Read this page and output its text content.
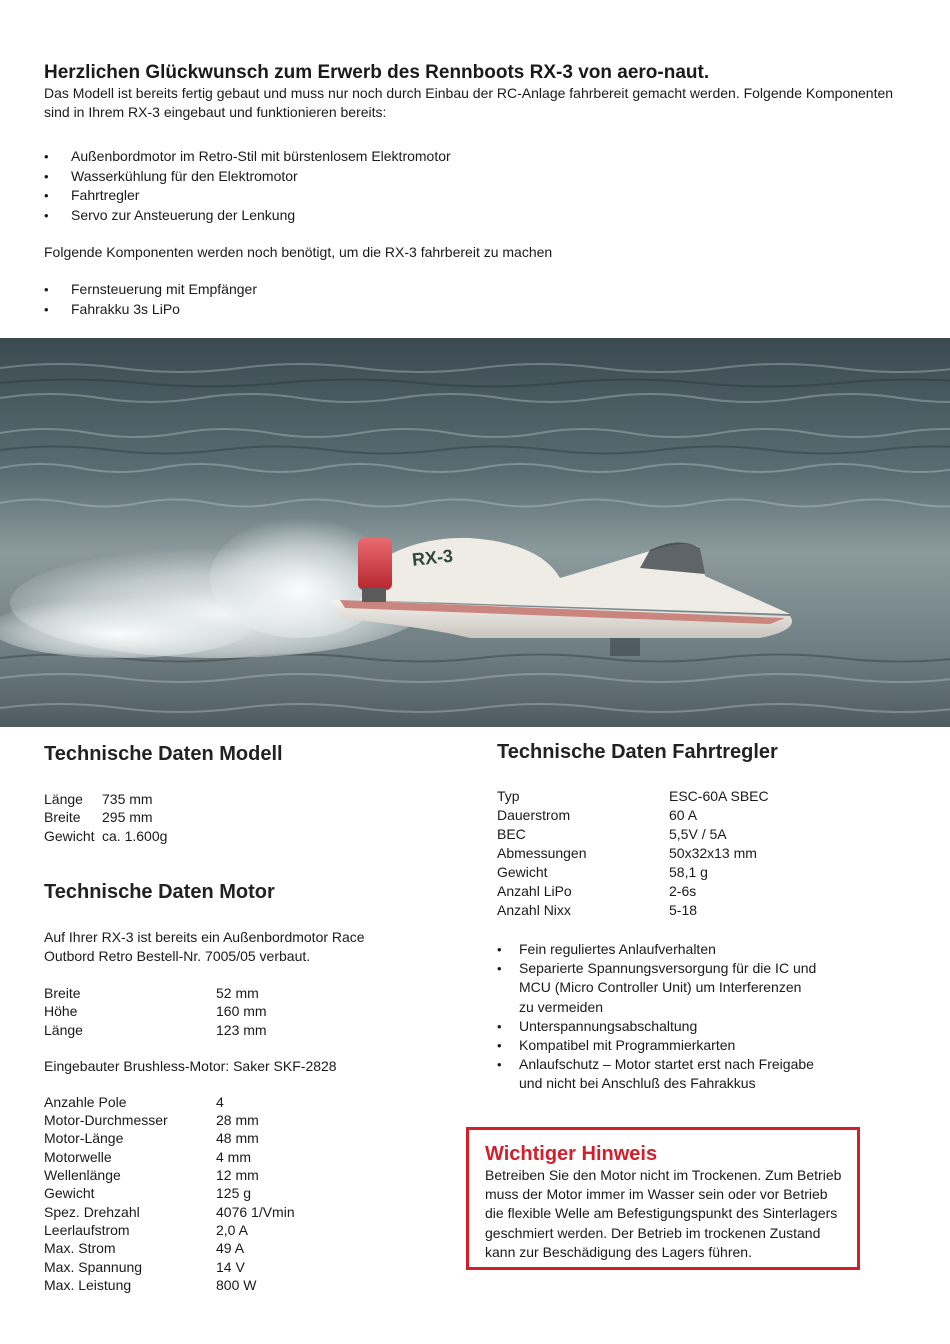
Herzlichen Glückwunsch zum Erwerb des Rennboots RX-3 von aero-naut.

Das Modell ist bereits fertig gebaut und muss nur noch durch Einbau der RC-Anlage fahrbereit gemacht werden. Folgende Komponenten sind in Ihrem RX-3 eingebaut und funktionieren bereits:

• Außenbordmotor im Retro-Stil mit bürstenlosem Elektromotor
• Wasserkühlung für den Elektromotor
• Fahrtregler
• Servo zur Ansteuerung der Lenkung

Folgende Komponenten werden noch benötigt, um die RX-3 fahrbereit zu machen

• Fernsteuerung mit Empfänger
• Fahrakku 3s LiPo
RX-3
Technische Daten Modell
Länge	735 mm
Breite	295 mm
Gewicht ca. 1.600g
Technische Daten Motor

Auf Ihrer RX-3 ist bereits ein Außenbordmotor Race Outbord Retro Bestell-Nr. 7005/05 verbaut.

Breite	52 mm
Höhe	160 mm
Länge	123 mm
Eingebauter Brushless-Motor: Saker SKF-2828
Anzahle Pole	4
Motor-Durchmesser	28 mm
Motor-Länge	48 mm
Motorwelle	4 mm
Wellenlänge	12 mm
Gewicht	125 g
Spez. Drehzahl	4076 1/Vmin
Leerlaufstrom	2,0 A
Max. Strom	49 A
Max. Spannung	14 V
Max. Leistung	800 W
Technische Daten Fahrtregler
Typ	ESC-60A SBEC
Dauerstrom	60 A
BEC	5,5V / 5A
Abmessungen	50x32x13 mm
Gewicht	58,1 g
Anzahl LiPo	2-6s
Anzahl Nixx	5-18
• Fein reguliertes Anlaufverhalten
• Separierte Spannungsversorgung für die IC und MCU (Micro Controller Unit) um Interferenzen zu vermeiden
• Unterspannungsabschaltung
• Kompatibel mit Programmierkarten
• Anlaufschutz – Motor startet erst nach Freigabe und nicht bei Anschluß des Fahrakkus

Wichtiger Hinweis

Betreiben Sie den Motor nicht im Trockenen. Zum Betrieb muss der Motor immer im Wasser sein oder vor Betrieb die flexible Welle am Befestigungspunkt des Sinterlagers geschmiert werden. Der Betrieb im trockenen Zustand kann zur Beschädigung des Lagers führen.
